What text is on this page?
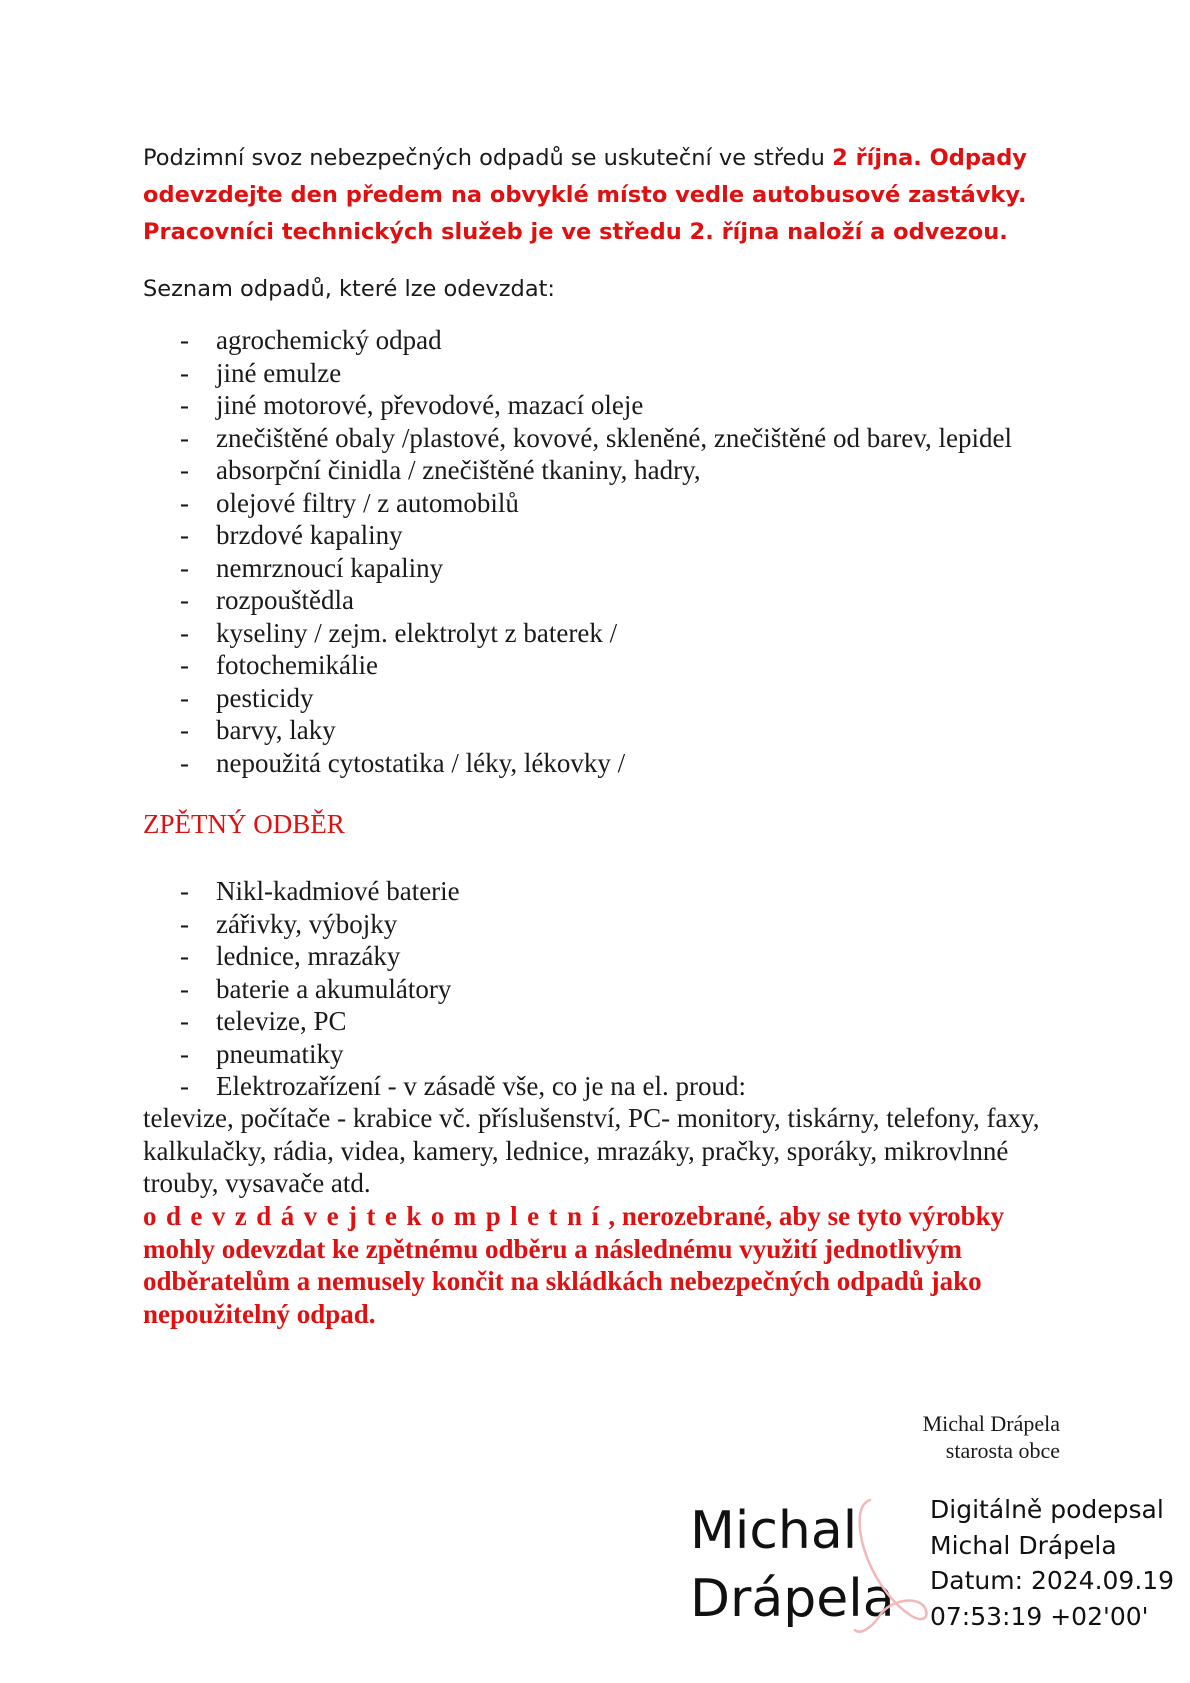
Podzimní svoz nebezpečných odpadů se uskuteční ve středu 2 října. Odpady odevzdejte den předem na obvyklé místo vedle autobusové zastávky. Pracovníci technických služeb je ve středu 2. října naloží a odvezou.

Seznam odpadů, které lze odevzdat:

- agrochemický odpad
- jiné emulze
- jiné motorové, převodové, mazací oleje
- znečištěné obaly /plastové, kovové, skleněné, znečištěné od barev, lepidel
- absorpční činidla / znečištěné tkaniny, hadry,
- olejové filtry / z automobilů
- brzdové kapaliny
- nemrznoucí kapaliny
- rozpouštědla
- kyseliny / zejm. elektrolyt z baterek /
- fotochemikálie
- pesticidy
- barvy, laky
- nepoužitá cytostatika / léky, lékovky /
ZPĚTNÝ ODBĚR
- Nikl-kadmiové baterie
- zářivky, výbojky
- lednice, mrazáky
- baterie a akumulátory
- televize, PC
- pneumatiky
- Elektrozařízení - v zásadě vše, co je na el. proud:

televize, počítače - krabice vč. příslušenství, PC- monitory, tiskárny, telefony, faxy, kalkulačky, rádia, videa, kamery, lednice, mrazáky, pračky, sporáky, mikrovlnné trouby, vysavače atd.

odevzdávejtekompletní, nerozebrané, aby se tyto výrobky mohly odevzdat ke zpětnému odběru a následnému využití jednotlivým odběratelům a nemusely končit na skládkách nebezpečných odpadů jako nepoužitelný odpad.

Michal Drápela
starosta obce
Michal
Drápela
Digitálně podepsal
Michal Drápela
Datum: 2024.09.19
07:53:19 +02'00'
